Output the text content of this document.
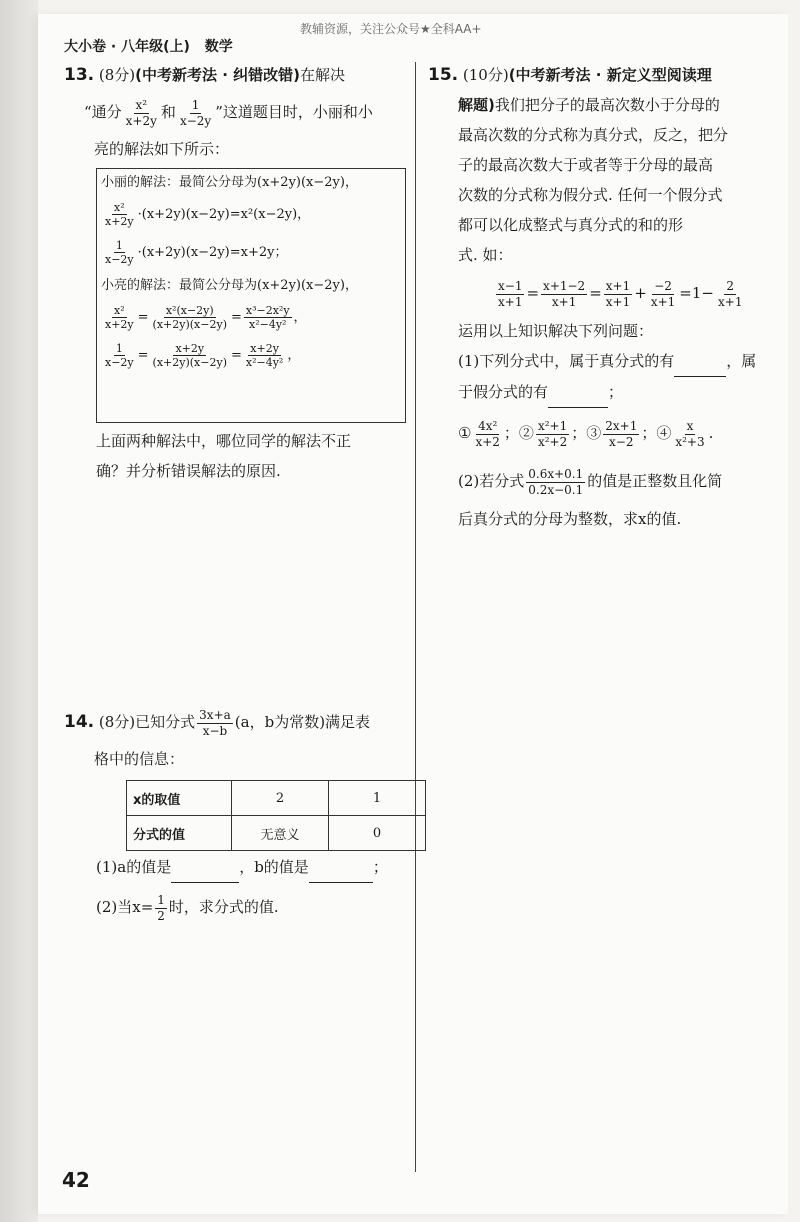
教辅资源，关注公众号★全科AA+
大小卷 · 八年级(上) 数学
13. (8分)(中考新考法 · 纠错改错)在解决
“通分 $\frac{\text{x²}}{x+2y}$ 和 $\frac{1}{x-2y}$ ”这道题目时，小丽和小
亮的解法如下所示：
小丽的解法：最简公分母为(x+2y)(x−2y)，
$\frac{\text{x²}}{x+2y} \cdot(x+2y)(x-2y)=x^2(x-2y)$，
$\frac{1}{x-2y} \cdot(x+2y)(x-2y)=x+2y$；
小亮的解法：最简公分母为(x+2y)(x−2y)，
$\frac{\text{x²}}{x+2y} = \frac{\text{x²(x−2y)}}{(x+2y)(x-2y)} = \frac{\text{x³−2x²y}}{\text{x²−4y²}}$ ，
$\frac{1}{x-2y} = \frac{x+2y}{(x+2y)(x-2y)} = \frac{x+2y}{\text{x²−4y²}}$ ，
上面两种解法中，哪位同学的解法不正
确？并分析错误解法的原因.
14. (8分)已知分式 $\frac{3x+a}{x-b} (a$，b为常数)满足表
格中的信息：
x的取值	2	1
分式的值	无意义	0
(1)a的值是	，b的值是	；
(2)当$x= \frac{1}{2}$ 时，求分式的值.
15. (10分)(中考新考法 · 新定义型阅读理
解题)我们把分子的最高次数小于分母的
最高次数的分式称为真分式，反之，把分
子的最高次数大于或者等于分母的最高
次数的分式称为假分式. 任何一个假分式
都可以化成整式与真分式的和的形
式. 如：
$\frac{x-1}{x+1} = \frac{x+1-2}{x+1} = \frac{x+1}{x+1} + \frac{-2}{x+1} =1- \frac{2}{x+1}$
运用以上知识解决下列问题：
(1)下列分式中，属于真分式的有	，属
于假分式的有	；
① $\frac{\text{4x²}}{x+2}$ ；② $\frac{\text{x²+1}}{\text{x²+2}}$ ；③ $\frac{2x+1}{x-2}$ ；④ $\frac{x}{\text{x²+3}}$ .
(2)若分式 $\frac{0.6x+0.1}{0.2x-0.1}$ 的值是正整数且化简
后真分式的分母为整数，求x的值.
42
